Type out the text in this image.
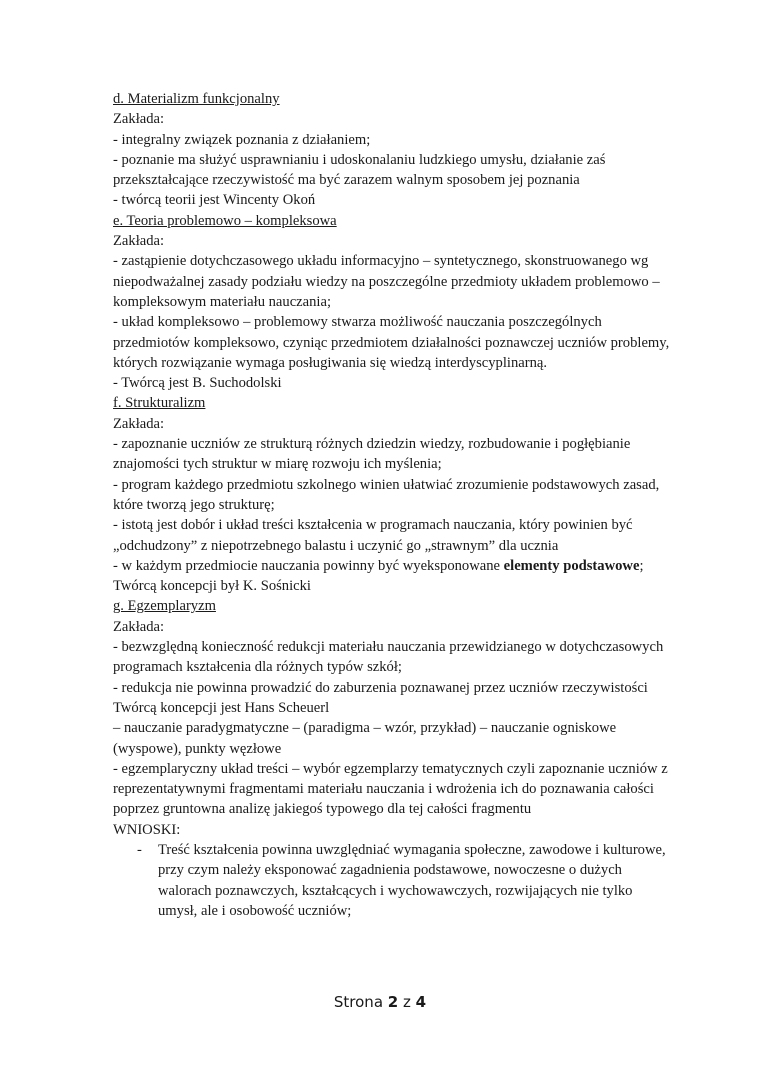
d. Materializm funkcjonalny

Zakłada:

- integralny związek poznania z działaniem;

- poznanie ma służyć usprawnianiu i udoskonalaniu ludzkiego umysłu, działanie zaś przekształcające rzeczywistość ma być zarazem walnym sposobem jej poznania

- twórcą teorii jest Wincenty Okoń

e. Teoria problemowo – kompleksowa

Zakłada:

- zastąpienie dotychczasowego układu informacyjno – syntetycznego, skonstruowanego wg niepodważalnej zasady podziału wiedzy na poszczególne przedmioty układem problemowo – kompleksowym materiału nauczania;

- układ kompleksowo – problemowy stwarza możliwość nauczania poszczególnych przedmiotów kompleksowo, czyniąc przedmiotem działalności poznawczej uczniów problemy, których rozwiązanie wymaga posługiwania się wiedzą interdyscyplinarną.

- Twórcą jest B. Suchodolski

f. Strukturalizm

Zakłada:

- zapoznanie uczniów ze strukturą różnych dziedzin wiedzy, rozbudowanie i pogłębianie znajomości tych struktur w miarę rozwoju ich myślenia;

- program każdego przedmiotu szkolnego winien ułatwiać zrozumienie podstawowych zasad, które tworzą jego strukturę;

- istotą jest dobór i układ treści kształcenia w programach nauczania, który powinien być „odchudzony” z niepotrzebnego balastu i uczynić go „strawnym” dla ucznia

- w każdym przedmiocie nauczania powinny być wyeksponowane elementy podstawowe;

Twórcą koncepcji był K. Sośnicki

g. Egzemplaryzm

Zakłada:

- bezwzględną konieczność redukcji materiału nauczania przewidzianego w dotychczasowych programach kształcenia dla różnych typów szkół;

- redukcja nie powinna prowadzić do zaburzenia poznawanej przez uczniów rzeczywistości

Twórcą koncepcji jest Hans Scheuerl

– nauczanie paradygmatyczne – (paradigma – wzór, przykład) – nauczanie ogniskowe (wyspowe), punkty węzłowe

- egzemplaryczny układ treści – wybór egzemplarzy tematycznych czyli zapoznanie uczniów z reprezentatywnymi fragmentami materiału nauczania i wdrożenia ich do poznawania całości poprzez gruntowna analizę jakiegoś typowego dla tej całości fragmentu

WNIOSKI:

- Treść kształcenia powinna uwzględniać wymagania społeczne, zawodowe i kulturowe, przy czym należy eksponować zagadnienia podstawowe, nowoczesne o dużych walorach poznawczych, kształcących i wychowawczych, rozwijających nie tylko umysł, ale i osobowość uczniów;
Strona 2 z 4
